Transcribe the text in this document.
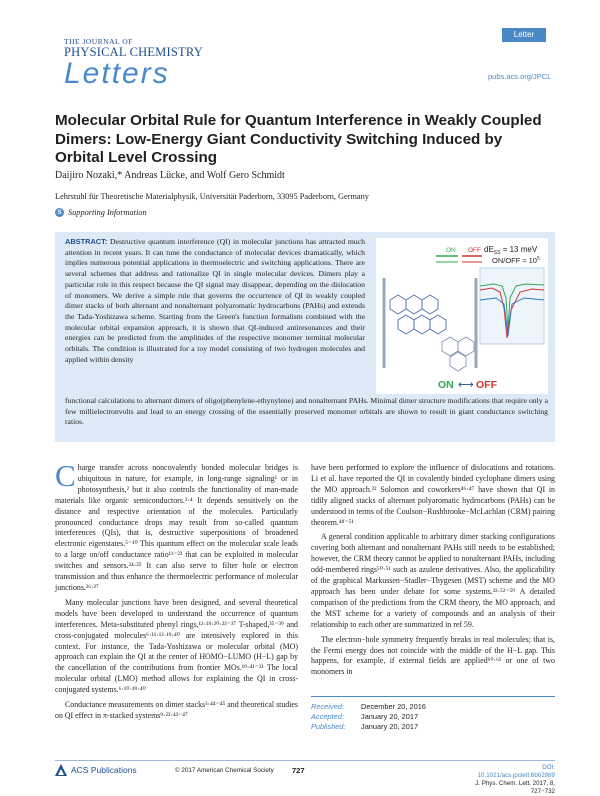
THE JOURNAL OF
PHYSICAL CHEMISTRY
Letters
Letter
pubs.acs.org/JPCL
Molecular Orbital Rule for Quantum Interference in Weakly Coupled Dimers: Low-Energy Giant Conductivity Switching Induced by Orbital Level Crossing
Daijiro Nozaki,* Andreas Lücke, and Wolf Gero Schmidt
Lehrstuhl für Theoretische Materialphysik, Universität Paderborn, 33095 Paderborn, Germany
S Supporting Information
ABSTRACT: Destructive quantum interference (QI) in molecular junctions has attracted much attention in recent years. It can tune the conductance of molecular devices dramatically, which implies numerous potential applications in thermoelectric and switching applications. There are several schemes that address and rationalize QI in single molecular devices. Dimers play a particular role in this respect because the QI signal may disappear, depending on the dislocation of monomers. We derive a simple rule that governs the occurrence of QI in weakly coupled dimer stacks of both alternant and nonalternant polyaromatic hydrocarbons (PAHs) and extends the Tada-Yoshizawa scheme. Starting from the Green's function formalism combined with the molecular orbital expansion approach, it is shown that QI-induced antiresonances and their energies can be predicted from the amplitudes of the respective monomer terminal molecular orbitals. The condition is illustrated for a toy model consisting of two hydrogen molecules and applied within density
functional calculations to alternant dimers of oligo(phenylene-ethynylene) and nonalternant PAHs. Minimal dimer structure modifications that require only a few millielectronvolts and lead to an energy crossing of the essentially preserved monomer orbitals are shown to result in giant conductance switching ratios.
$dE_{SS} = 13$ meV
$ON/OFF \approx 10^5$
ON OFF
ON ⟷ OFF

Charge transfer across noncovalently bonded molecular bridges is ubiquitous in nature, for example, in long-range signaling¹ or in photosynthesis,² but it also controls the functionality of man-made materials like organic semiconductors.³·⁴ It depends sensitively on the distance and respective orientation of the molecules. Particularly pronounced conductance drops may result from so-called quantum interferences (QIs), that is, destructive superpositions of broadened electronic eigenstates.⁵⁻¹⁰ This quantum effect on the molecular scale leads to a large on/off conductance ratio¹¹⁻²³ that can be exploited in molecular switches and sensors.²⁴·²⁵ It can also serve to filter hole or electron transmission and thus enhance the thermoelectric performance of molecular junctions.²⁶·²⁷

Many molecular junctions have been designed, and several theoretical models have been developed to understand the occurrence of quantum interferences. Meta-substituted phenyl rings,¹²·¹⁸·²⁰·²²⁻³⁷ T-shaped,³⁵⁻³⁹ and cross-conjugated molecules⁶·¹¹·¹²·¹⁹·⁴⁰ are intensively explored in this context. For instance, the Tada-Yoshizawa or molecular orbital (MO) approach can explain the QI at the center of HOMO−LUMO (H−L) gap by the cancellation of the contributions from frontier MOs.¹⁹·⁴¹⁻²¹ The local molecular orbital (LMO) method allows for explaining the QI in cross-conjugated systems.⁶·¹⁰·¹⁹·⁴⁰

Conductance measurements on dimer stacks³·⁴⁴⁻⁴⁵ and theoretical studies on QI effect in π-stacked systems⁹·²²·⁴³⁻⁴⁷

have been performed to explore the influence of dislocations and rotations. Li et al. have reported the QI in covalently binded cyclophane dimers using the MO approach.²² Solomon and coworkers⁴⁶·⁴⁷ have shown that QI in tidily aligned stacks of alternant polyaromatic hydrocarbons (PAHs) can be understood in terms of the Coulson−Rushbrooke−McLachlan (CRM) pairing theorem.⁴⁸⁻⁵¹

A general condition applicable to arbitrary dimer stacking configurations covering both alternant and nonalternant PAHs still needs to be established; however, the CRM theory cannot be applied to nonalternant PAHs, including odd-membered rings⁵⁰·⁵¹ such as azulene derivatives. Also, the applicability of the graphical Markussen−Stadler−Thygesen (MST) scheme and the MO approach has been under debate for some systems.³²·⁵²⁻⁵⁹ A detailed comparison of the predictions from the CRM theory, the MO approach, and the MST scheme for a variety of compounds and an analysis of their relationship to each other are summarized in ref 59.

The electron−hole symmetry frequently breaks in real molecules; that is, the Fermi energy does not coincide with the middle of the H−L gap. This happens, for example, if external fields are applied⁶⁰·⁶¹ or one of two monomers in

Received:	December 20, 2016
Accepted:	January 20, 2017
Published:	January 20, 2017
ACS Publications	© 2017 American Chemical Society 727	DOI: 10.1021/acs.jpclett.6b02989
J. Phys. Chem. Lett. 2017, 8, 727−732
